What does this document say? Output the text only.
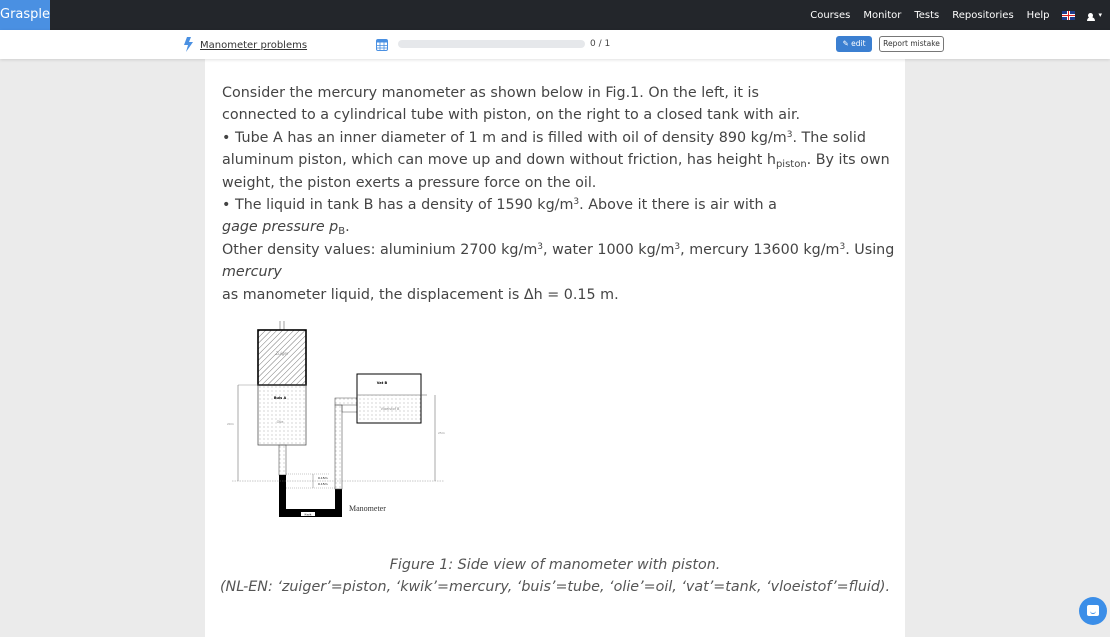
Grasple	Courses Monitor Tests Repositories Help	▾
Manometer problems	0 / 1	✎ edit	Report mistake
Consider the mercury manometer as shown below in Fig.1. On the left, it is
connected to a cylindrical tube with piston, on the right to a closed tank with air.
• Tube A has an inner diameter of 1 m and is filled with oil of density 890 $kg/m^3$. The solid aluminum piston, which can move up and down without friction, has height $h_{piston}$. By its own weight, the piston exerts a pressure force on the oil.
• The liquid in tank B has a density of 1590 $kg/m^3$. Above it there is air with a
gage pressure $p_B$.
Other density values: aluminium 2700 $kg/m^3$, water 1000 $kg/m^3$, mercury 13600 $kg/m^3$. Using mercury
as manometer liquid, the displacement is Δh = 0.15 m.
Zuiger
Buis A
Olie
Kwik
Vat B
Vloeistof B
0.15m
0.15m
20m
25m
Manometer
Figure 1: Side view of manometer with piston.
(NL-EN: ‘zuiger’=piston, ‘kwik’=mercury, ‘buis’=tube, ‘olie’=oil, ‘vat’=tank, ‘vloeistof’=fluid).
